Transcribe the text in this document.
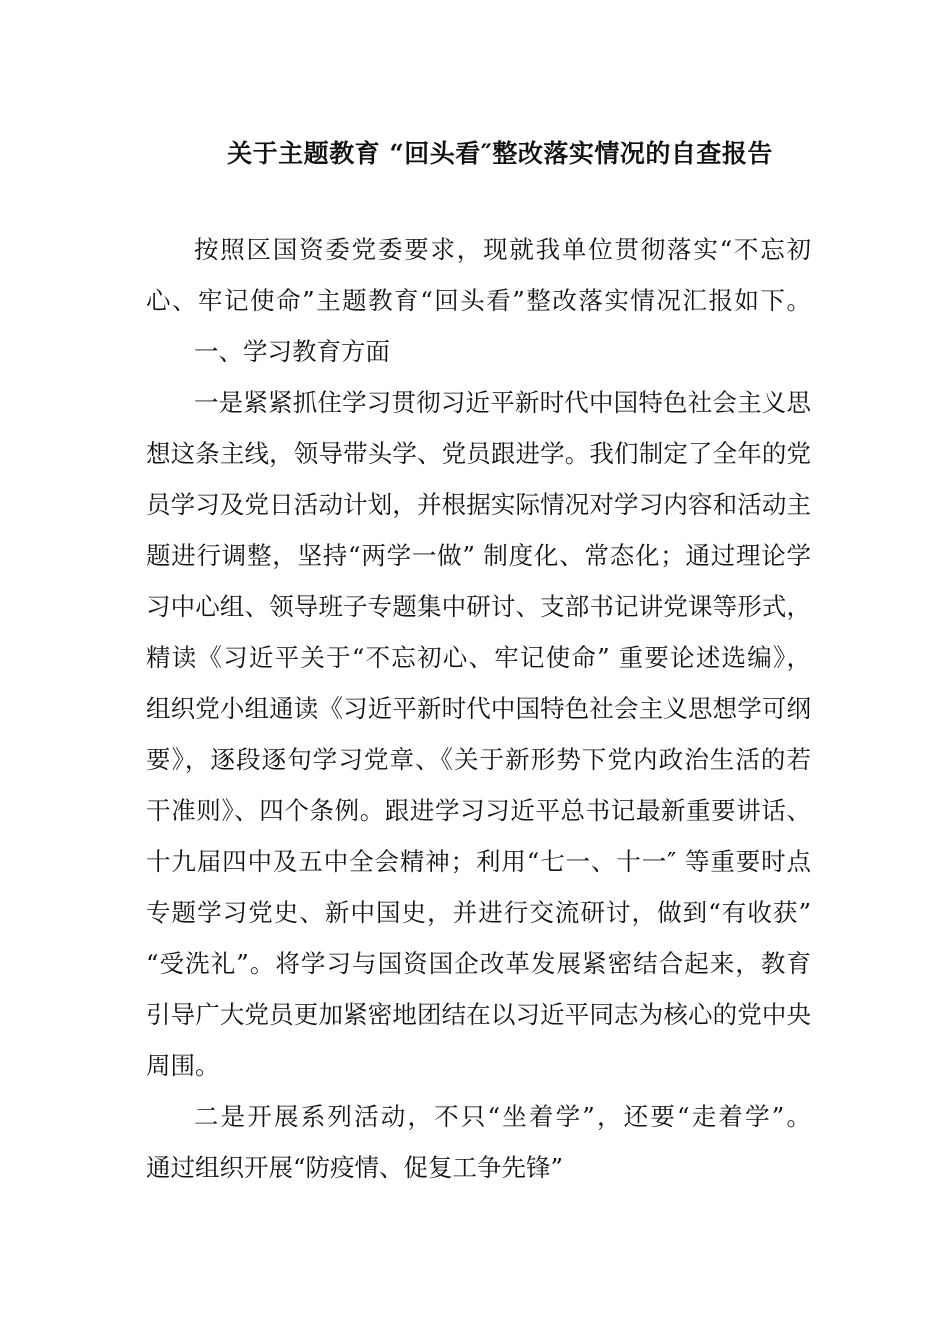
关于主题教育 “回头看″整改落实情况的自查报告
按照区国资委党委要求，现就我单位贯彻落实“不忘初
心、牢记使命”主题教育“回头看”整改落实情况汇报如下。
一、学习教育方面
一是紧紧抓住学习贯彻习近平新时代中国特色社会主义思
想这条主线，领导带头学、党员跟进学。我们制定了全年的党
员学习及党日活动计划，并根据实际情况对学习内容和活动主
题进行调整，坚持“两学一做” 制度化、常态化；通过理论学
习中心组、领导班子专题集中研讨、支部书记讲党课等形式，
精读《习近平关于“不忘初心、牢记使命” 重要论述选编》，
组织党小组通读《习近平新时代中国特色社会主义思想学可纲
要》，逐段逐句学习党章、《关于新形势下党内政治生活的若
干准则》、四个条例。跟进学习习近平总书记最新重要讲话、
十九届四中及五中全会精神；利用“七一、十一″ 等重要时点
专题学习党史、新中国史，并进行交流研讨，做到“有收获”
“受洗礼”。将学习与国资国企改革发展紧密结合起来，教育
引导广大党员更加紧密地团结在以习近平同志为核心的党中央
周围。
二是开展系列活动，不只“坐着学”，还要“走着学”。
通过组织开展“防疫情、促复工争先锋”
